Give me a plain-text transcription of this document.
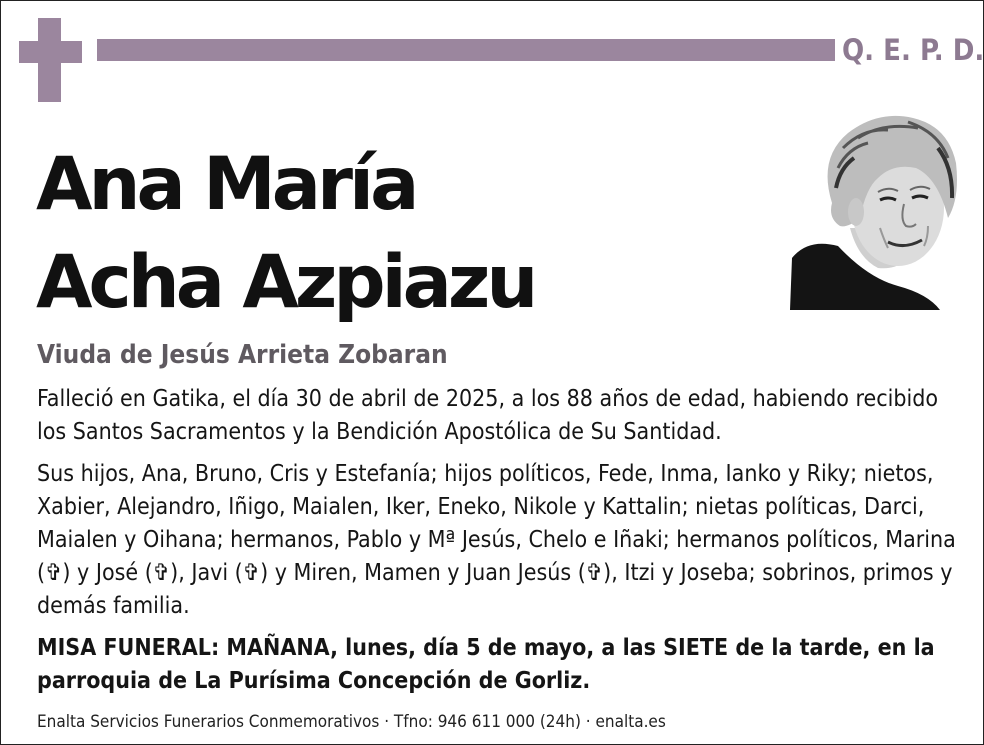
Q. E. P. D.
Ana María
Acha Azpiazu
Viuda de Jesús Arrieta Zobaran
Falleció en Gatika, el día 30 de abril de 2025, a los 88 años de edad, habiendo recibido los Santos Sacramentos y la Bendición Apostólica de Su Santidad.
Sus hijos, Ana, Bruno, Cris y Estefanía; hijos políticos, Fede, Inma, Ianko y Riky; nietos, Xabier, Alejandro, Iñigo, Maialen, Iker, Eneko, Nikole y Kattalin; nietas políticas, Darci, Maialen y Oihana; hermanos, Pablo y Mª Jesús, Chelo e Iñaki; hermanos políticos, Marina (✞) y José (✞), Javi (✞) y Miren, Mamen y Juan Jesús (✞), Itzi y Joseba; sobrinos, primos y demás familia.
MISA FUNERAL: MAÑANA, lunes, día 5 de mayo, a las SIETE de la tarde, en la parroquia de La Purísima Concepción de Gorliz.
Enalta Servicios Funerarios Conmemorativos · Tfno: 946 611 000 (24h) · enalta.es
